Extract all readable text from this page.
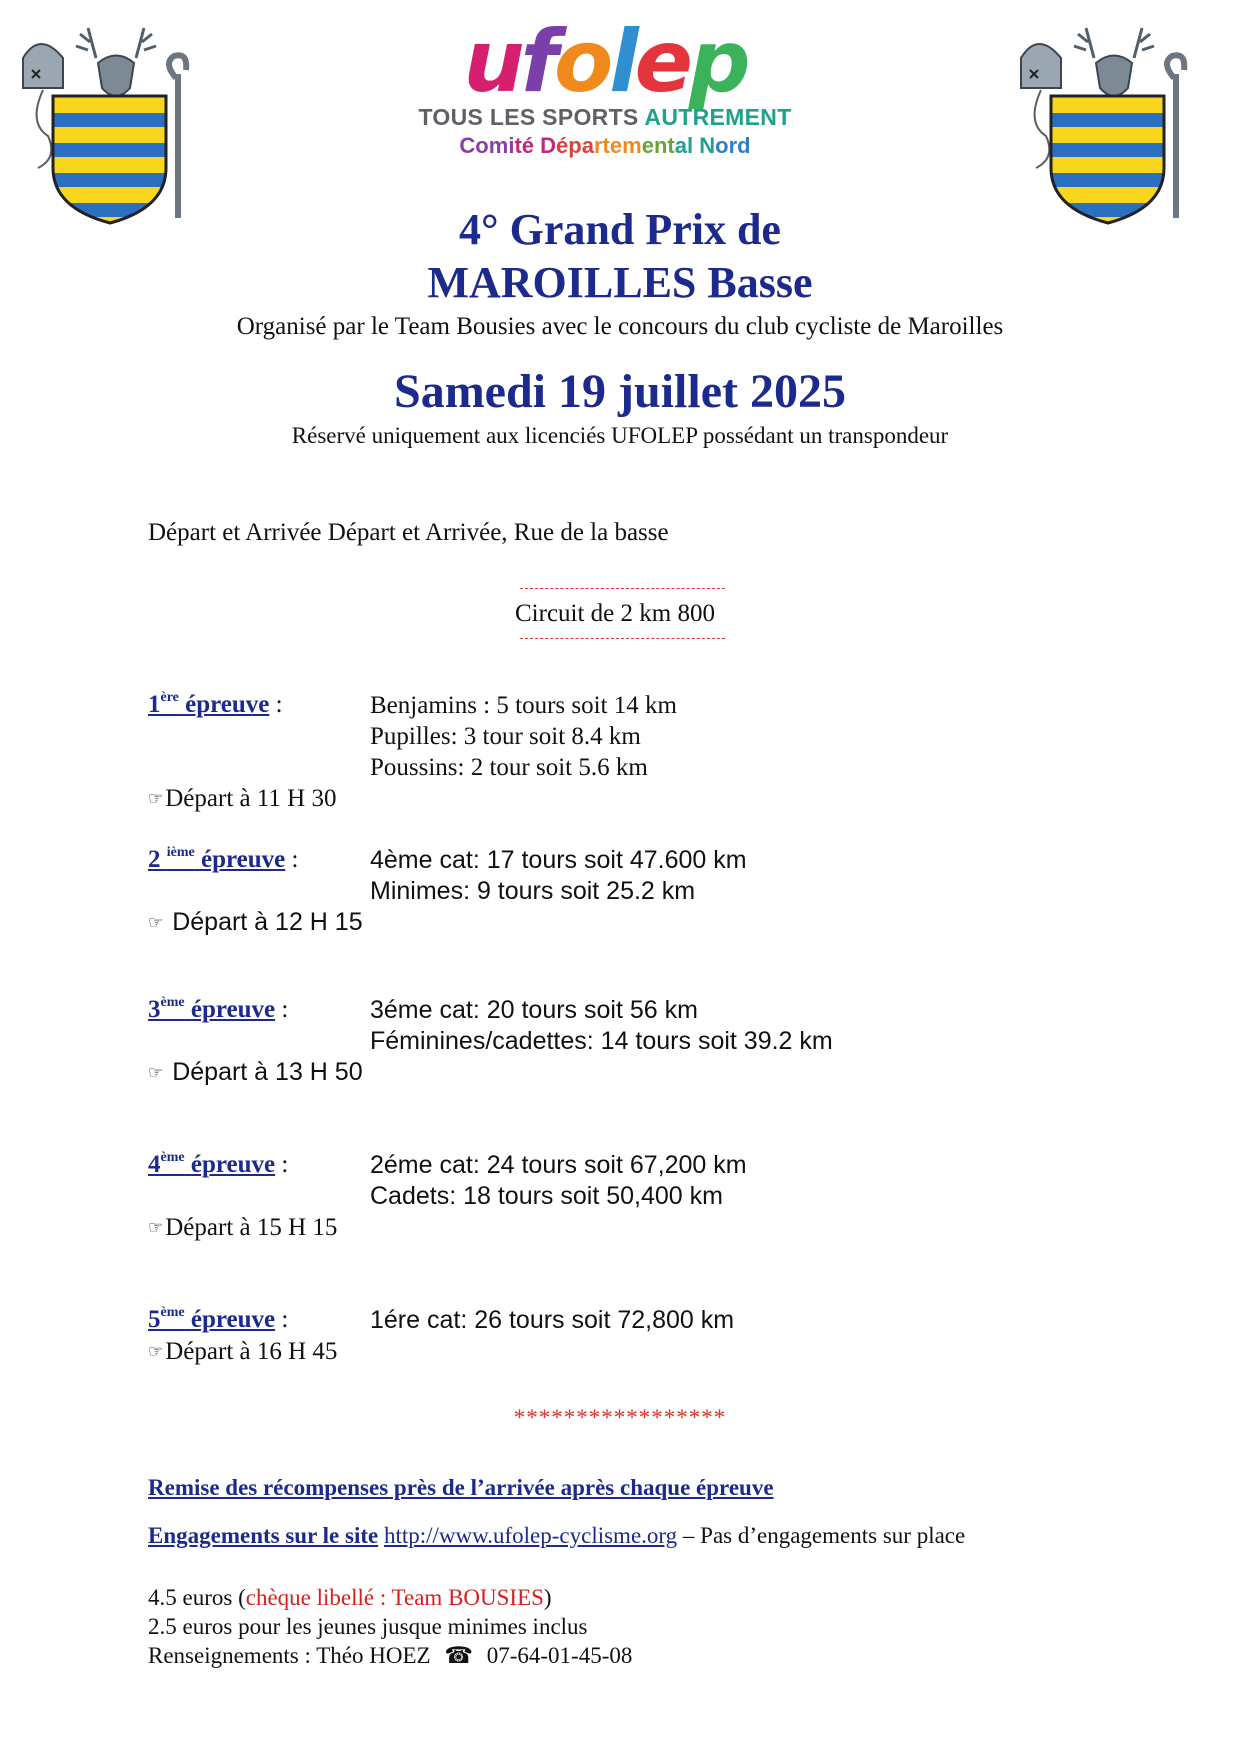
ufolep
TOUS LES SPORTS AUTREMENT
Comité Départemental Nord
4° Grand Prix de
MAROILLES Basse
Organisé par le Team Bousies avec le concours du club cycliste de Maroilles
Samedi 19 juillet 2025
Réservé uniquement aux licenciés UFOLEP possédant un transpondeur
Départ et Arrivée Départ et Arrivée, Rue de la basse
Circuit de 2 km 800
1ère épreuve :	Benjamins : 5 tours soit 14 km
Pupilles: 3 tour soit 8.4 km
Poussins: 2 tour soit 5.6 km
☞Départ à 11 H 30
2 $^{ième}$ épreuve :	4ème cat: 17 tours soit 47.600 km
Minimes: 9 tours soit 25.2 km
☞ Départ à 12 H 15
3ème épreuve :	3éme cat: 20 tours soit 56 km
Féminines/cadettes: 14 tours soit 39.2 km
☞ Départ à 13 H 50
4ème épreuve :	2éme cat: 24 tours soit 67,200 km
Cadets: 18 tours soit 50,400 km
☞Départ à 15 H 15
5ème épreuve :	1ére cat: 26 tours soit 72,800 km
☞Départ à 16 H 45
*****************
Remise des récompenses près de l’arrivée après chaque épreuve
Engagements sur le site http://www.ufolep-cyclisme.org – Pas d’engagements sur place
4.5 euros (chèque libellé : Team BOUSIES)
2.5 euros pour les jeunes jusque minimes inclus
Renseignements : Théo HOEZ ☎ 07-64-01-45-08
